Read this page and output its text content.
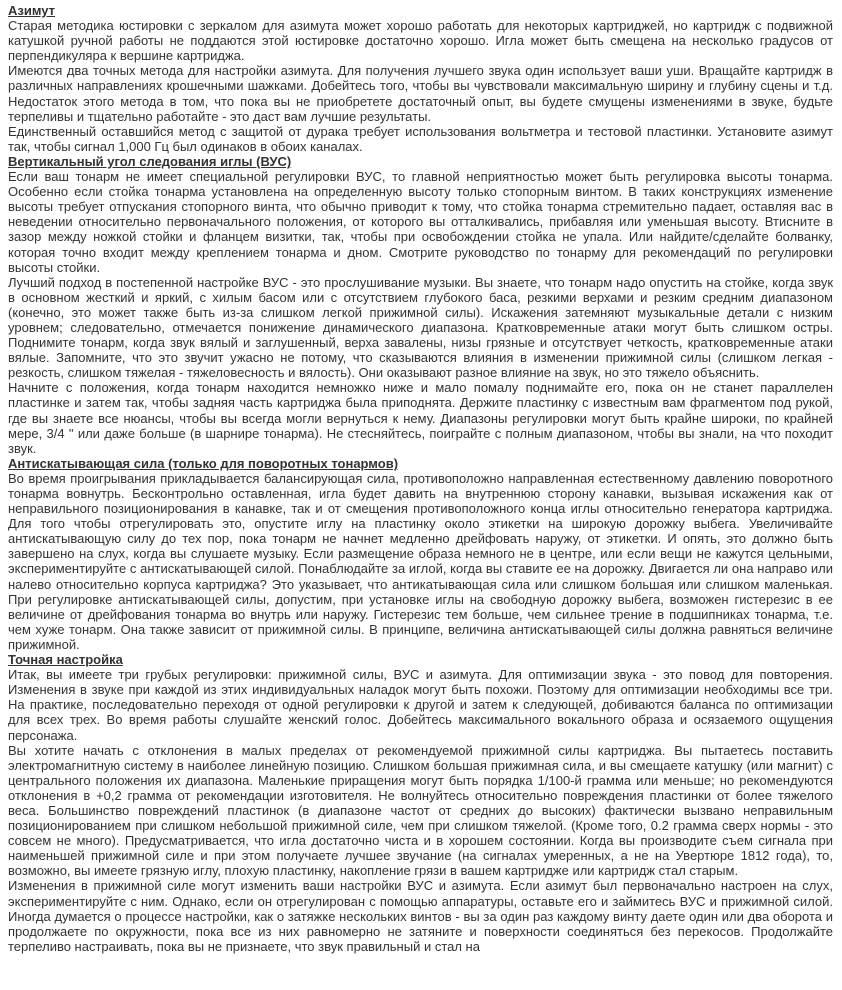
Азимут

Старая методика юстировки с зеркалом для азимута может хорошо работать для некоторых картриджей, но картридж с подвижной катушкой ручной работы не поддаются этой юстировке достаточно хорошо. Игла может быть смещена на несколько градусов от перпендикуляра к вершине картриджа.

Имеются два точных метода для настройки азимута. Для получения лучшего звука один использует ваши уши. Вращайте картридж в различных направлениях крошечными шажками. Добейтесь того, чтобы вы чувствовали максимальную ширину и глубину сцены и т.д. Недостаток этого метода в том, что пока вы не приобретете достаточный опыт, вы будете смущены изменениями в звуке, будьте терпеливы и тщательно работайте - это даст вам лучшие результаты.

Единственный оставшийся метод с защитой от дурака требует использования вольтметра и тестовой пластинки. Установите азимут так, чтобы сигнал 1,000 Гц был одинаков в обоих каналах.

Вертикальный угол следования иглы (ВУС)

Если ваш тонарм не имеет специальной регулировки ВУС, то главной неприятностью может быть регулировка высоты тонарма. Особенно если стойка тонарма установлена на определенную высоту только стопорным винтом. В таких конструкциях изменение высоты требует отпускания стопорного винта, что обычно приводит к тому, что стойка тонарма стремительно падает, оставляя вас в неведении относительно первоначального положения, от которого вы отталкивались, прибавляя или уменьшая высоту. Втисните в зазор между ножкой стойки и фланцем визитки, так, чтобы при освобождении стойка не упала. Или найдите/сделайте болванку, которая точно входит между креплением тонарма и дном. Смотрите руководство по тонарму для рекомендаций по регулировки высоты стойки.

Лучший подход в постепенной настройке ВУС - это прослушивание музыки. Вы знаете, что тонарм надо опустить на стойке, когда звук в основном жесткий и яркий, с хилым басом или с отсутствием глубокого баса, резкими верхами и резким средним диапазоном (конечно, это может также быть из-за слишком легкой прижимной силы). Искажения затемняют музыкальные детали с низким уровнем; следовательно, отмечается понижение динамического диапазона. Кратковременные атаки могут быть слишком остры. Поднимите тонарм, когда звук вялый и заглушенный, верха завалены, низы грязные и отсутствует четкость, кратковременные атаки вялые. Запомните, что это звучит ужасно не потому, что сказываются влияния в изменении прижимной силы (слишком легкая - резкость, слишком тяжелая - тяжеловесность и вялость). Они оказывают разное влияние на звук, но это тяжело объяснить.

Начните с положения, когда тонарм находится немножко ниже и мало помалу поднимайте его, пока он не станет параллелен пластинке и затем так, чтобы задняя часть картриджа была приподнята. Держите пластинку с известным вам фрагментом под рукой, где вы знаете все нюансы, чтобы вы всегда могли вернуться к нему. Диапазоны регулировки могут быть крайне широки, по крайней мере, 3/4 " или даже больше (в шарнире тонарма). Не стесняйтесь, поиграйте с полным диапазоном, чтобы вы знали, на что походит звук.

Антискатывающая сила (только для поворотных тонармов)

Во время проигрывания прикладывается балансирующая сила, противоположно направленная естественному давлению поворотного тонарма вовнутрь. Бесконтрольно оставленная, игла будет давить на внутреннюю сторону канавки, вызывая искажения как от неправильного позиционирования в канавке, так и от смещения противоположного конца иглы относительно генератора картриджа. Для того чтобы отрегулировать это, опустите иглу на пластинку около этикетки на широкую дорожку выбега. Увеличивайте антискатывающую силу до тех пор, пока тонарм не начнет медленно дрейфовать наружу, от этикетки. И опять, это должно быть завершено на слух, когда вы слушаете музыку. Если размещение образа немного не в центре, или если вещи не кажутся цельными, экспериментируйте с антискатывающей силой. Понаблюдайте за иглой, когда вы ставите ее на дорожку. Двигается ли она направо или налево относительно корпуса картриджа? Это указывает, что антикатывающая сила или слишком большая или слишком маленькая. При регулировке антискатывающей силы, допустим, при установке иглы на свободную дорожку выбега, возможен гистерезис в ее величине от дрейфования тонарма во внутрь или наружу. Гистерезис тем больше, чем сильнее трение в подшипниках тонарма, т.е. чем хуже тонарм. Она также зависит от прижимной силы. В принципе, величина антискатывающей силы должна равняться величине прижимной.

Точная настройка

Итак, вы имеете три грубых регулировки: прижимной силы, ВУС и азимута. Для оптимизации звука - это повод для повторения. Изменения в звуке при каждой из этих индивидуальных наладок могут быть похожи. Поэтому для оптимизации необходимы все три. На практике, последовательно переходя от одной регулировки к другой и затем к следующей, добиваются баланса по оптимизации для всех трех. Во время работы слушайте женский голос. Добейтесь максимального вокального образа и осязаемого ощущения персонажа.

Вы хотите начать с отклонения в малых пределах от рекомендуемой прижимной силы картриджа. Вы пытаетесь поставить электромагнитную систему в наиболее линейную позицию. Слишком большая прижимная сила, и вы смещаете катушку (или магнит) с центрального положения их диапазона. Маленькие приращения могут быть порядка 1/100-й грамма или меньше; но рекомендуются отклонения в +0,2 грамма от рекомендации изготовителя. Не волнуйтесь относительно повреждения пластинки от более тяжелого веса. Большинство повреждений пластинок (в диапазоне частот от средних до высоких) фактически вызвано неправильным позиционированием при слишком небольшой прижимной силе, чем при слишком тяжелой. (Кроме того, 0.2 грамма сверх нормы - это совсем не много). Предусматривается, что игла достаточно чиста и в хорошем состоянии. Когда вы производите съем сигнала при наименьшей прижимной силе и при этом получаете лучшее звучание (на сигналах умеренных, а не на Увертюре 1812 года), то, возможно, вы имеете грязную иглу, плохую пластинку, накопление грязи в вашем картридже или картридж стал старым.

Изменения в прижимной силе могут изменить ваши настройки ВУС и азимута. Если азимут был первоначально настроен на слух, экспериментируйте с ним. Однако, если он отрегулирован с помощью аппаратуры, оставьте его и займитесь ВУС и прижимной силой. Иногда думается о процессе настройки, как о затяжке нескольких винтов - вы за один раз каждому винту даете один или два оборота и продолжаете по окружности, пока все из них равномерно не затяните и поверхности соединяться без перекосов. Продолжайте терпеливо настраивать, пока вы не признаете, что звук правильный и стал на
